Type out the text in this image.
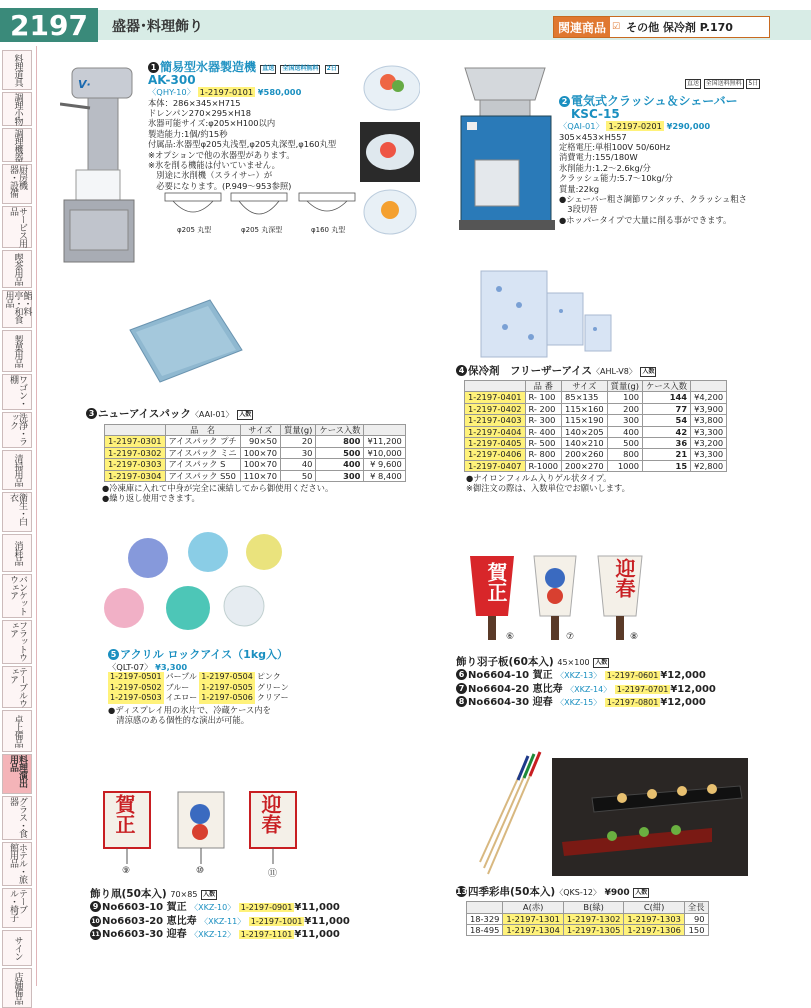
2197	盛器･料理飾り	関連商品 ☑ その他 保冷剤 P.170
料理道具
調理小物
調理機器
厨房機器・設備
サービス用品
喫茶用品
鮨・料亭・和食用品
製菓用品
ワゴン・棚
洗浄・ラック
清掃用品
衛生・白衣
消耗品
バンケットウェア
フラットウェア
テーブルウェア
卓上備品
料理演出用品
グラス・食器
ホテル・旅館用品
テーブル・椅子
サイン
店舗備品
V·
1 簡易型氷器製造機 直送 全国送料無料 2日
AK-300
〈QHY-10〉 1-2197-0101 ¥580,000
本体：286×345×H715
ドレンパン270×295×H18
氷器可能サイズ:φ205×H100以内
製造能力:1個/約15秒
付属品:氷器型φ205丸浅型,φ205丸深型,φ160丸型
※オプションで他の氷器型があります。
※氷を削る機能は付いていません。
　別途に氷削機（スライサー）が
　必要になります。(P.949〜953参照)
φ205 丸型	φ205 丸深型	φ160 丸型
直送 全国送料無料 5日
2 電気式クラッシュ＆シェーバー
KSC-15
〈QAI-01〉 1-2197-0201 ¥290,000
305×453×H557
定格電圧:単相100V 50/60Hz
消費電力:155/180W
氷削能力:1.2〜2.6kg/分
クラッシュ能力:5.7〜10kg/分
質量:22kg
●シェーバー粗さ調節ワンタッチ、クラッシュ粗さ
　3段切替
●ホッパータイプで大量に削る事ができます。
3 ニューアイスパック〈AAI-01〉 入数
	品　名	サイズ	質量(g)	ケース入数	
1-2197-0301	アイスパック プチ	90×50	20	800	¥11,200
1-2197-0302	アイスパック ミニ	100×70	30	500	¥10,000
1-2197-0303	アイスパック S	100×70	40	400	¥ 9,600
1-2197-0304	アイスパック S50	110×70	50	300	¥ 8,400
●冷凍庫に入れて中身が完全に凍結してから御使用ください。
●繰り返し使用できます。
4 保冷剤　フリーザーアイス〈AHL-V8〉 入数
	品 番	サイズ	質量(g)	ケース入数	
1-2197-0401	R- 100	85×135	100	144	¥4,200
1-2197-0402	R- 200	115×160	200	77	¥3,900
1-2197-0403	R- 300	115×190	300	54	¥3,800
1-2197-0404	R- 400	140×205	400	42	¥3,300
1-2197-0405	R- 500	140×210	500	36	¥3,200
1-2197-0406	R- 800	200×260	800	21	¥3,300
1-2197-0407	R-1000	200×270	1000	15	¥2,800
●ナイロンフィルム入りゲル状タイプ。
※御注文の際は、入数単位でお願いします。
5 アクリル ロックアイス（1kg入）
〈QLT-07〉 ¥3,300
1-2197-0501	パープル	1-2197-0504	ピンク
1-2197-0502	ブルー	1-2197-0505	グリーン
1-2197-0503	イエロー	1-2197-0506	クリアー
●ディスプレイ用の氷片で、冷蔵ケース内を
　清涼感のある個性的な演出が可能。
賀正	迎春
⑥	⑦	⑧
飾り羽子板(60本入) 45×100 入数
6 No6604-10 賀正 〈XKZ-13〉 1-2197-0601 ¥12,000
7 No6604-20 恵比寿 〈XKZ-14〉 1-2197-0701 ¥12,000
8 No6604-30 迎春 〈XKZ-15〉 1-2197-0801 ¥12,000
賀正	迎春
⑨	⑩	⑪
飾り凧(50本入) 70×85 入数
9 No6603-10 賀正 〈XKZ-10〉 1-2197-0901 ¥11,000
10 No6603-20 恵比寿 〈XKZ-11〉 1-2197-1001 ¥11,000
11 No6603-30 迎春 〈XKZ-12〉 1-2197-1101 ¥11,000
13四季彩串(50本入)〈QKS-12〉 ¥900 入数
	A(赤)	B(緑)	C(紺)	全長
18-329	1-2197-1301	1-2197-1302	1-2197-1303	90
18-495	1-2197-1304	1-2197-1305	1-2197-1306	150
